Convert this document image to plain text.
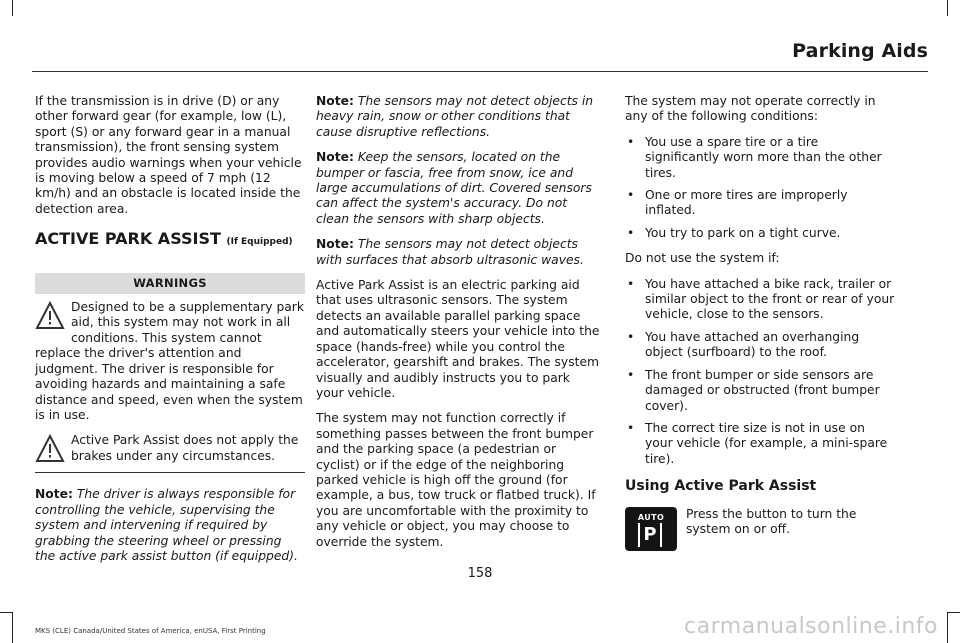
Parking Aids

If the transmission is in drive (D) or any other forward gear (for example, low (L), sport (S) or any forward gear in a manual transmission), the front sensing system provides audio warnings when your vehicle is moving below a speed of 7 mph (12 km/h) and an obstacle is located inside the detection area.

ACTIVE PARK ASSIST (If Equipped)
WARNINGS

Designed to be a supplementary park aid, this system may not work in all conditions. This system cannot replace the driver's attention and judgment. The driver is responsible for avoiding hazards and maintaining a safe distance and speed, even when the system is in use.

Active Park Assist does not apply the brakes under any circumstances.

Note: The driver is always responsible for controlling the vehicle, supervising the system and intervening if required by grabbing the steering wheel or pressing the active park assist button (if equipped).

Note: The sensors may not detect objects in heavy rain, snow or other conditions that cause disruptive reflections.

Note: Keep the sensors, located on the bumper or fascia, free from snow, ice and large accumulations of dirt. Covered sensors can affect the system's accuracy. Do not clean the sensors with sharp objects.

Note: The sensors may not detect objects with surfaces that absorb ultrasonic waves.

Active Park Assist is an electric parking aid that uses ultrasonic sensors. The system detects an available parallel parking space and automatically steers your vehicle into the space (hands-free) while you control the accelerator, gearshift and brakes. The system visually and audibly instructs you to park your vehicle.

The system may not function correctly if something passes between the front bumper and the parking space (a pedestrian or cyclist) or if the edge of the neighboring parked vehicle is high off the ground (for example, a bus, tow truck or flatbed truck). If you are uncomfortable with the proximity to any vehicle or object, you may choose to override the system.

The system may not operate correctly in any of the following conditions:

• You use a spare tire or a tire significantly worn more than the other tires.
• One or more tires are improperly inflated.
• You try to park on a tight curve.

Do not use the system if:

• You have attached a bike rack, trailer or similar object to the front or rear of your vehicle, close to the sensors.
• You have attached an overhanging object (surfboard) to the roof.
• The front bumper or side sensors are damaged or obstructed (front bumper cover).
• The correct tire size is not in use on your vehicle (for example, a mini-spare tire).
Using Active Park Assist
AUTO
P
Press the button to turn the system on or off.
158
MKS (CLE) Canada/United States of America, enUSA, First Printing	carmanualsonline.info
